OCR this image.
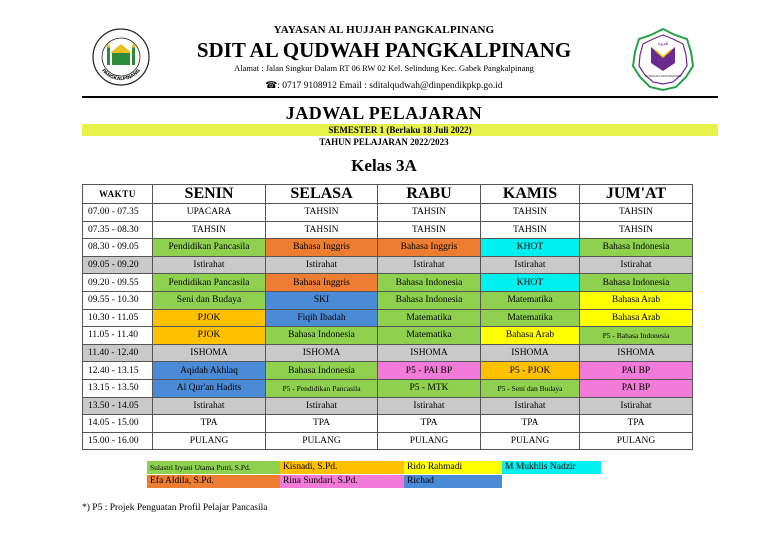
PANGKALPINANG
ﻗﺪﻭﺓ
SDIT UNGGULAN AL QUDWAH PANGKALPINANG
YAYASAN AL HUJJAH PANGKALPINANG
SDIT AL QUDWAH PANGKALPINANG
Alamat : Jalan Singkur Dalam RT 06 RW 02 Kel. Selindung Kec. Gabek Pangkalpinang
☎: 0717 9108912 Email : sditalqudwah@dinpendikpkp.go.id
JADWAL PELAJARAN
SEMESTER 1 (Berlaku 18 Juli 2022)
TAHUN PELAJARAN 2022/2023
Kelas 3A
WAKTU	SENIN	SELASA	RABU	KAMIS	JUM'AT
07.00 - 07.35	UPACARA	TAHSIN	TAHSIN	TAHSIN	TAHSIN
07.35 - 08.30	TAHSIN	TAHSIN	TAHSIN	TAHSIN	TAHSIN
08.30 - 09.05	Pendidikan Pancasila	Bahasa Inggris	Bahasa Inggris	KHOT	Bahasa Indonesia
09.05 - 09.20	Istirahat	Istirahat	Istirahat	Istirahat	Istirahat
09.20 - 09.55	Pendidikan Pancasila	Bahasa Inggris	Bahasa Indonesia	KHOT	Bahasa Indonesia
09.55 - 10.30	Seni dan Budaya	SKI	Bahasa Indonesia	Matematika	Bahasa Arab
10.30 - 11.05	PJOK	Fiqih Ibadah	Matematika	Matematika	Bahasa Arab
11.05 - 11.40	PJOK	Bahasa Indonesia	Matematika	Bahasa Arab	P5 - Bahasa Indonesia
11.40 - 12.40	ISHOMA	ISHOMA	ISHOMA	ISHOMA	ISHOMA
12.40 - 13.15	Aqidah Akhlaq	Bahasa Indonesia	P5 - PAI BP	P5 - PJOK	PAI BP
13.15 - 13.50	Al Qur'an Hadits	P5 - Pendidikan Pancasila	P5 - MTK	P5 - Seni dan Budaya	PAI BP
13.50 - 14.05	Istirahat	Istirahat	Istirahat	Istirahat	Istirahat
14.05 - 15.00	TPA	TPA	TPA	TPA	TPA
15.00 - 16.00	PULANG	PULANG	PULANG	PULANG	PULANG
Sulastri Iryani Utama Putri, S.Pd.	Kisnadi, S.Pd.	Rido Rahmadi	M Mukhlis Nadzir
Efa Aldila, S.Pd.	Rina Sundari, S.Pd.	Richad
*) P5 : Projek Penguatan Profil Pelajar Pancasila
